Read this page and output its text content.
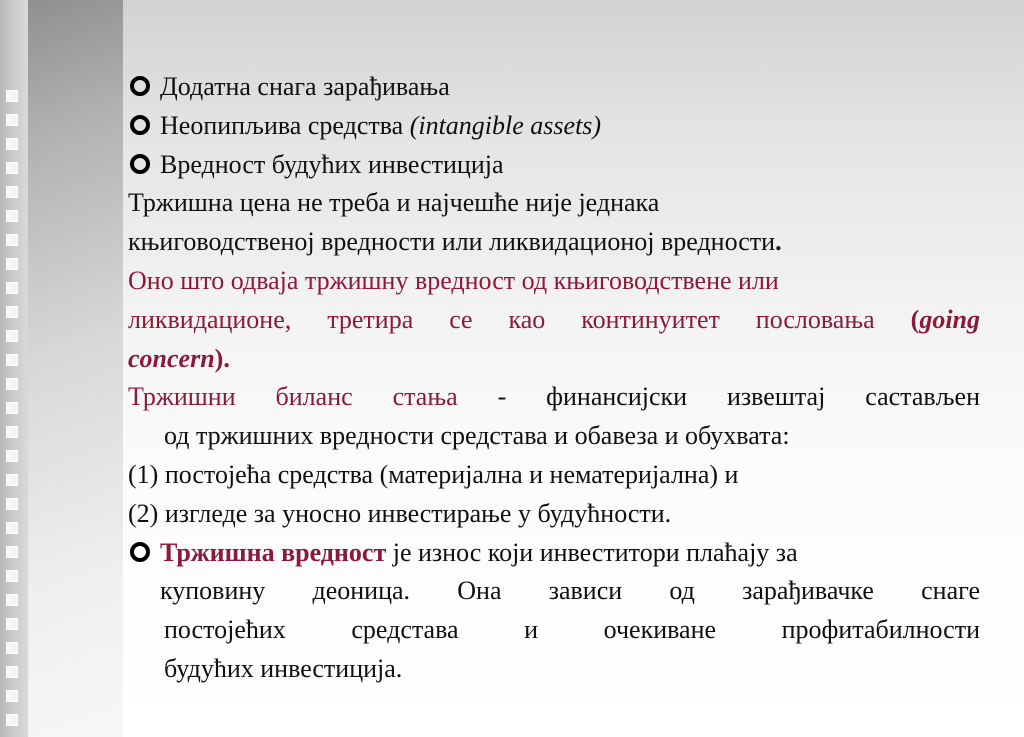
Додатна снага зарађивања
Неопипљива средства (intangible assets)
Вредност будућих инвестиција
Тржишна цена не треба и најчешће није једнака
књиговодственој вредности или ликвидационој вредности.
Оно што одваја тржишну вредност од књиговодствене или
ликвидационе, третира се као континуитет пословања (going
concern).
Тржишни биланс стања - финансијски извештај састављен
од тржишних вредности средстава и обавеза и обухвата:
(1) постојећа средства (материјална и нематеријална) и
(2) изгледе за уносно инвестирање у будућности.
Тржишна вредност је износ који инвеститори плаћају за
куповину деоница. Она зависи од зарађивачке снаге
постојећих средстава и очекиване профитабилности
будућих инвестиција.
